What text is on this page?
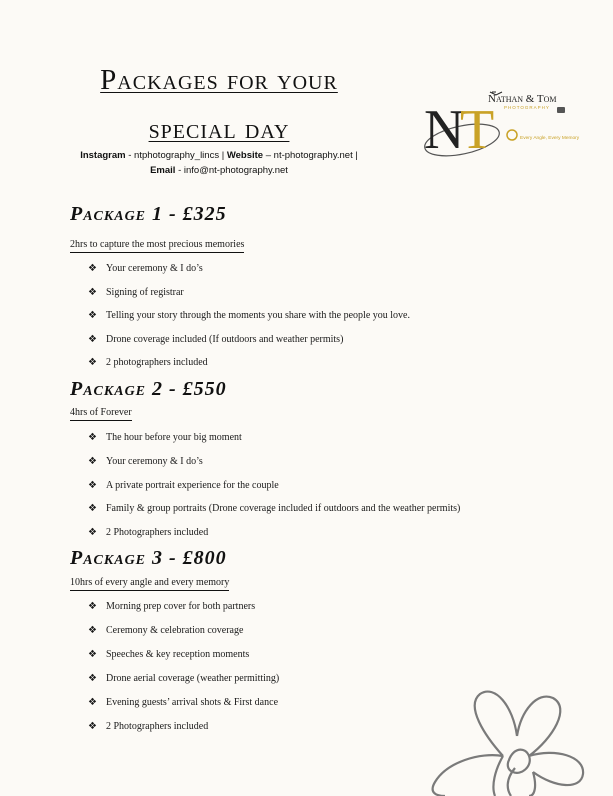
Packages for your
special day
Instagram - ntphotography_lincs | Website – nt-photography.net |
Email - info@nt-photography.net
N
T
Nathan & Tom
PHOTOGRAPHY
Every Angle, Every Memory
Package 1 - £325
2hrs to capture the most precious memories
❖ Your ceremony & I do’s
❖ Signing of registrar
❖ Telling your story through the moments you share with the people you love.
❖ Drone coverage included (If outdoors and weather permits)
❖ 2 photographers included
Package 2 - £550
4hrs of Forever
❖ The hour before your big moment
❖ Your ceremony & I do’s
❖ A private portrait experience for the couple
❖ Family & group portraits (Drone coverage included if outdoors and the weather permits)
❖ 2 Photographers included
Package 3 - £800
10hrs of every angle and every memory
❖ Morning prep cover for both partners
❖ Ceremony & celebration coverage
❖ Speeches & key reception moments
❖ Drone aerial coverage (weather permitting)
❖ Evening guests’ arrival shots & First dance
❖ 2 Photographers included
